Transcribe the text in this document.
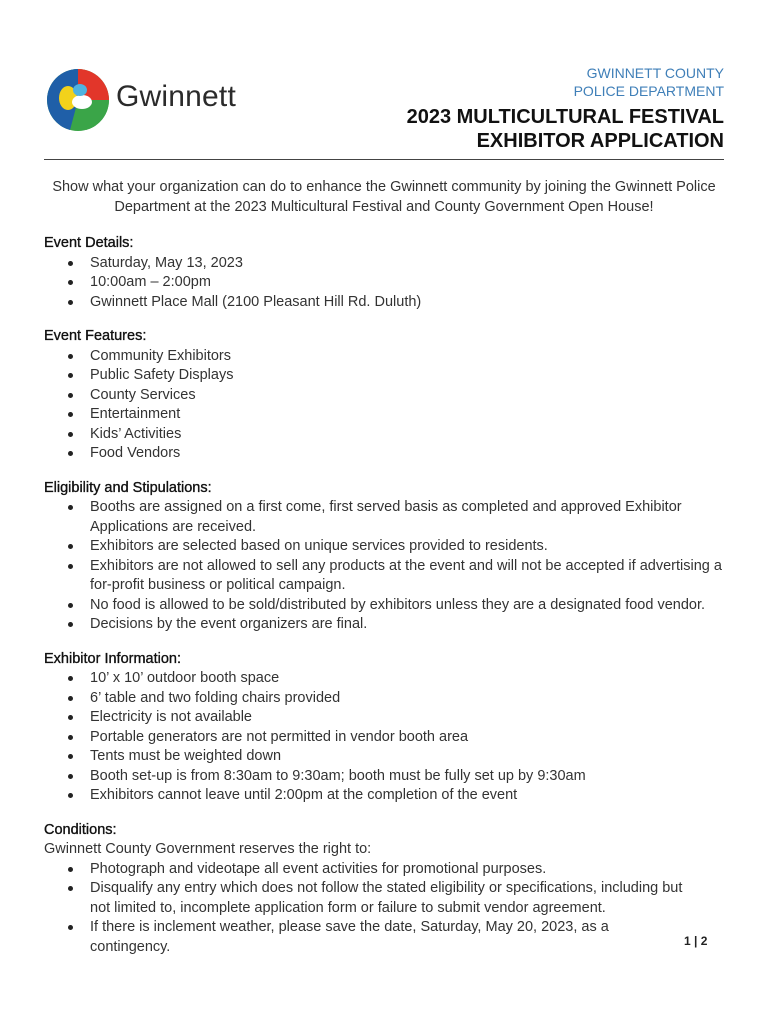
Gwinnett
GWINNETT COUNTY
POLICE DEPARTMENT
2023 MULTICULTURAL FESTIVAL
EXHIBITOR APPLICATION
Show what your organization can do to enhance the Gwinnett community by joining the Gwinnett Police Department at the 2023 Multicultural Festival and County Government Open House!
Event Details:
Saturday, May 13, 2023
10:00am – 2:00pm
Gwinnett Place Mall (2100 Pleasant Hill Rd. Duluth)
Event Features:
Community Exhibitors
Public Safety Displays
County Services
Entertainment
Kids’ Activities
Food Vendors
Eligibility and Stipulations:
Booths are assigned on a first come, first served basis as completed and approved Exhibitor Applications are received.
Exhibitors are selected based on unique services provided to residents.
Exhibitors are not allowed to sell any products at the event and will not be accepted if advertising a for-profit business or political campaign.
No food is allowed to be sold/distributed by exhibitors unless they are a designated food vendor.
Decisions by the event organizers are final.
Exhibitor Information:
10’ x 10’ outdoor booth space
6’ table and two folding chairs provided
Electricity is not available
Portable generators are not permitted in vendor booth area
Tents must be weighted down
Booth set-up is from 8:30am to 9:30am; booth must be fully set up by 9:30am
Exhibitors cannot leave until 2:00pm at the completion of the event
Conditions:
Gwinnett County Government reserves the right to:
Photograph and videotape all event activities for promotional purposes.
Disqualify any entry which does not follow the stated eligibility or specifications, including but not limited to, incomplete application form or failure to submit vendor agreement.
If there is inclement weather, please save the date, Saturday, May 20, 2023, as a contingency.	1 | 2
